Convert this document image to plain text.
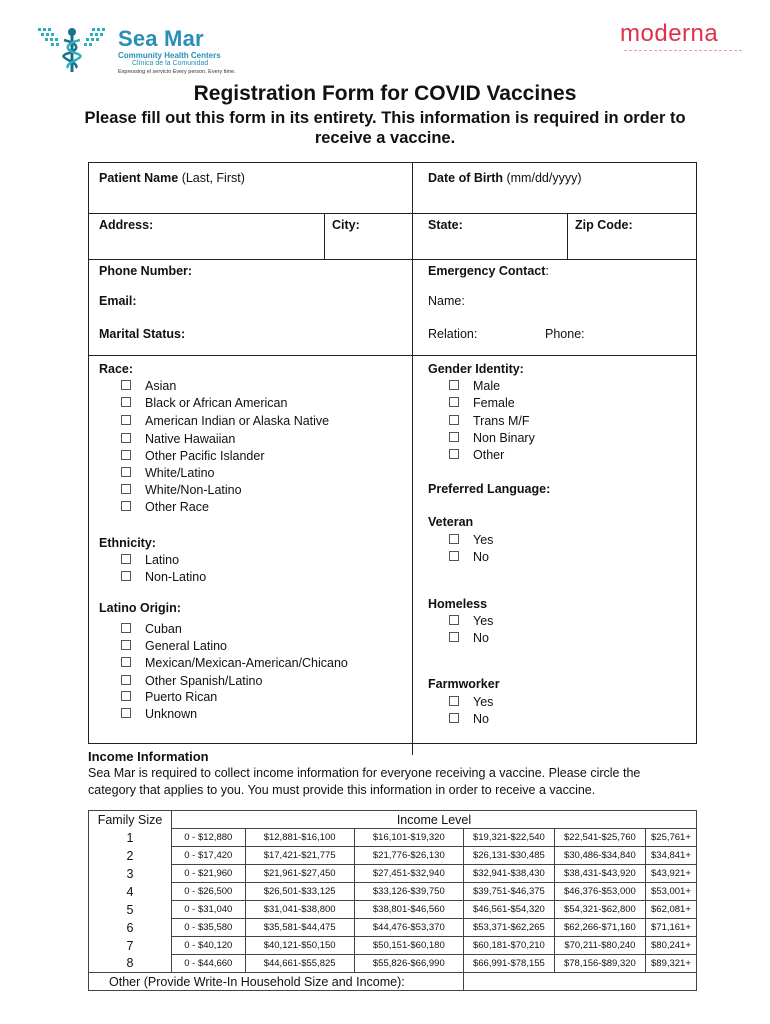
Sea Mar
Community Health Centers
Clínica de la Comunidad
Expressing el servicio Every person. Every time.
moderna
Registration Form for COVID Vaccines
Please fill out this form in its entirety. This information is required in order to receive a vaccine.
Patient Name (Last, First)	Date of Birth (mm/dd/yyyy)
Address:	City:	State:	Zip Code:
Phone Number:	Emergency Contact:
Email:	Name:
Marital Status:	Relation:	Phone:
Race:
Asian
Black or African American
American Indian or Alaska Native
Native Hawaiian
Other Pacific Islander
White/Latino
White/Non-Latino
Other Race
Ethnicity:
Latino
Non-Latino
Latino Origin:
Cuban
General Latino
Mexican/Mexican-American/Chicano
Other Spanish/Latino
Puerto Rican
Unknown
Gender Identity:
Male
Female
Trans M/F
Non Binary
Other
Preferred Language:
Veteran
Yes
No
Homeless
Yes
No
Farmworker
Yes
No
Income Information
Sea Mar is required to collect income information for everyone receiving a vaccine. Please circle the category that applies to you. You must provide this information in order to receive a vaccine.
Family Size	Income Level					
1	0 - $12,880	$12,881-$16,100	$16,101-$19,320	$19,321-$22,540	$22,541-$25,760	$25,761+
2	0 - $17,420	$17,421-$21,775	$21,776-$26,130	$26,131-$30,485	$30,486-$34,840	$34,841+
3	0 - $21,960	$21,961-$27,450	$27,451-$32,940	$32,941-$38,430	$38,431-$43,920	$43,921+
4	0 - $26,500	$26,501-$33,125	$33,126-$39,750	$39,751-$46,375	$46,376-$53,000	$53,001+
5	0 - $31,040	$31,041-$38,800	$38,801-$46,560	$46,561-$54,320	$54,321-$62,800	$62,081+
6	0 - $35,580	$35,581-$44,475	$44,476-$53,370	$53,371-$62,265	$62,266-$71,160	$71,161+
7	0 - $40,120	$40,121-$50,150	$50,151-$60,180	$60,181-$70,210	$70,211-$80,240	$80,241+
8	0 - $44,660	$44,661-$55,825	$55,826-$66,990	$66,991-$78,155	$78,156-$89,320	$89,321+
Other (Provide Write-In Household Size and Income):						
